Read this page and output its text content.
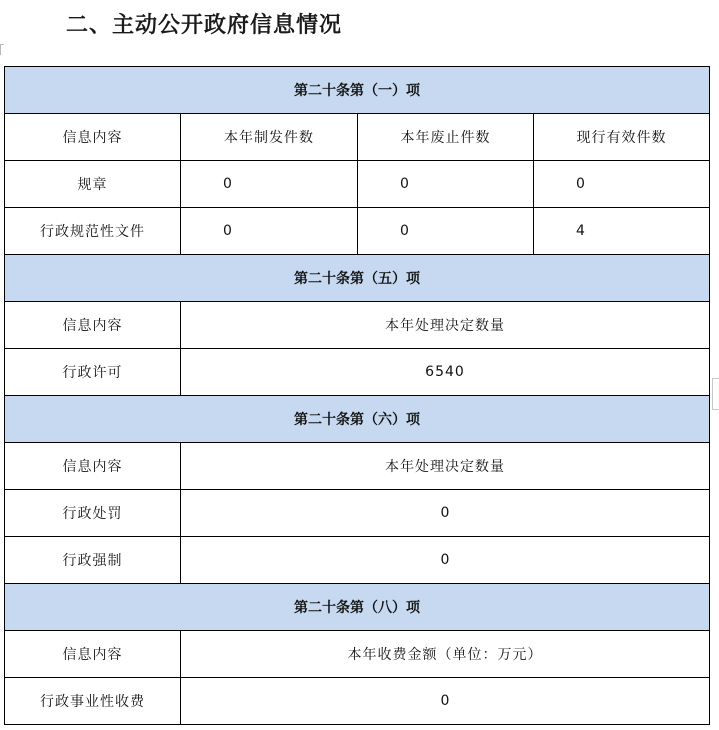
二、主动公开政府信息情况
第二十条第（一）项			
信息内容	本年制发件数	本年废止件数	现行有效件数
规章	0	0	0
行政规范性文件	0	0	4
第二十条第（五）项			
信息内容	本年处理决定数量		
行政许可	6540		
第二十条第（六）项			
信息内容	本年处理决定数量		
行政处罚	0		
行政强制	0		
第二十条第（八）项			
信息内容	本年收费金额（单位：万元）		
行政事业性收费	0		
